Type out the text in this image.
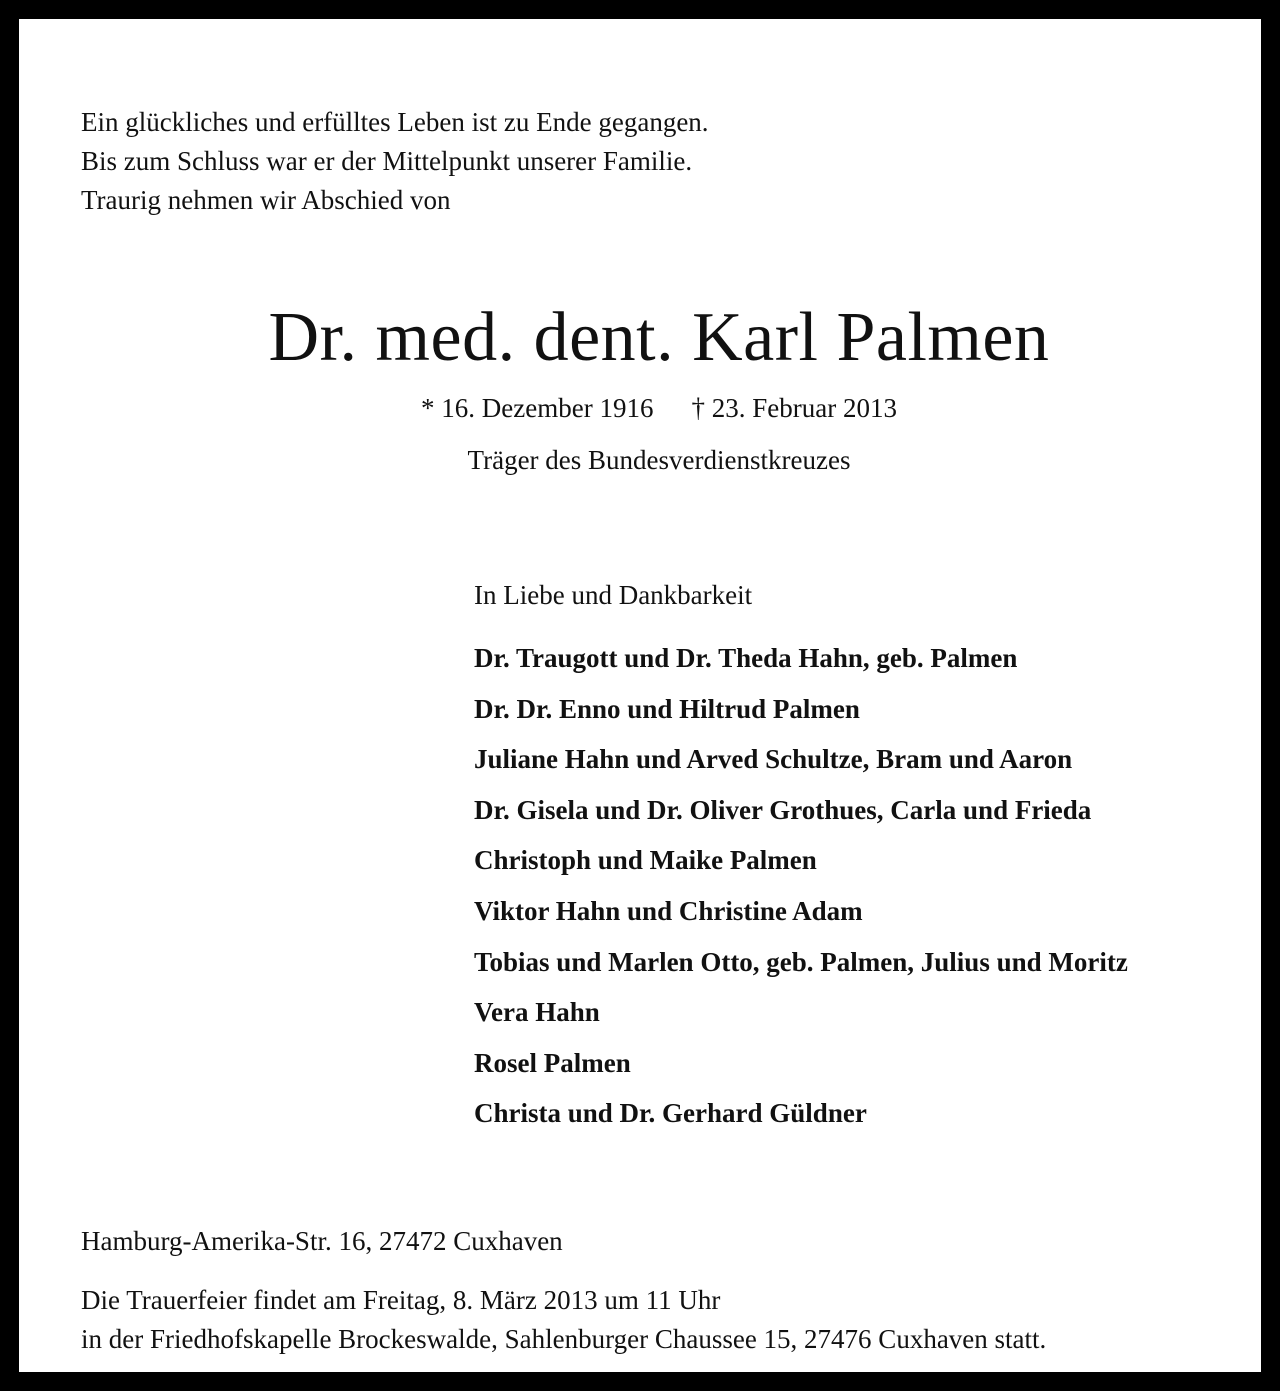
Ein glückliches und erfülltes Leben ist zu Ende gegangen.
Bis zum Schluss war er der Mittelpunkt unserer Familie.
Traurig nehmen wir Abschied von
Dr. med. dent. Karl Palmen
* 16. Dezember 1916 † 23. Februar 2013
Träger des Bundesverdienstkreuzes
In Liebe und Dankbarkeit
Dr. Traugott und Dr. Theda Hahn, geb. Palmen
Dr. Dr. Enno und Hiltrud Palmen
Juliane Hahn und Arved Schultze, Bram und Aaron
Dr. Gisela und Dr. Oliver Grothues, Carla und Frieda
Christoph und Maike Palmen
Viktor Hahn und Christine Adam
Tobias und Marlen Otto, geb. Palmen, Julius und Moritz
Vera Hahn
Rosel Palmen
Christa und Dr. Gerhard Güldner
Hamburg-Amerika-Str. 16, 27472 Cuxhaven
Die Trauerfeier findet am Freitag, 8. März 2013 um 11 Uhr
in der Friedhofskapelle Brockeswalde, Sahlenburger Chaussee 15, 27476 Cuxhaven statt.
